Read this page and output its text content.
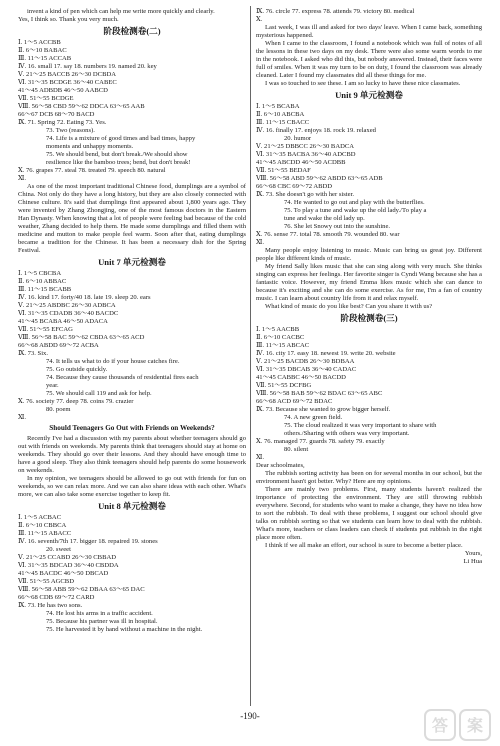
invent a kind of pen which can help me write more quickly and clearly.

Yes, I think so. Thank you very much.
阶段检测卷(二)
Ⅰ. 1～5 ACCBB
Ⅱ. 6～10 BABAC
Ⅲ. 11～15 ACCAB
Ⅳ. 16. small 17. say 18. numbers 19. named 20. key
Ⅴ. 21～25 BACCB 26～30 DCBDA
Ⅵ. 31～35 BCDGE 36～40 CABEC
41～45 ADBDB 46～50 AABCD
Ⅶ. 51～55 BCDGE
Ⅷ. 56～58 CBD 59～62 DDCA 63～65 AAB
66～67 DCB 68～70 BACD
Ⅸ. 71. Spring 72. Eating 73. Yes.
73. Two (reasons).
74. Life is a mixture of good times and bad times, happy
moments and unhappy moments.
75. We should bend, but don't break./We should show
resilience like the bamboo trees; bend, but don't break!
Ⅹ. 76. grapes 77. steal 78. treated 79. speech 80. natural
Ⅺ.

As one of the most important traditional Chinese food, dumplings are a symbol of China. Not only do they have a long history, but they are also closely connected with Chinese culture. It's said that dumplings first appeared about 1,800 years ago. They were invented by Zhang Zhongjing, one of the most famous doctors in the Eastern Han Dynasty. When knowing that a lot of people were feeling bad because of the cold weather, Zhang decided to help them. He made some dumplings and filled them with medicine and mutton to make people feel warm. Soon after that, eating dumplings became a tradition for the Chinese. It has been a necessary dish for the Spring Festival.

Unit 7 单元检测卷
Ⅰ. 1～5 CBCBA
Ⅱ. 6～10 ABBAC
Ⅲ. 11～15 BCABB
Ⅳ. 16. kind 17. forty/40 18. late 19. sleep 20. ears
Ⅴ. 21～25 ABDBC 26～30 ADBCA
Ⅵ. 31～35 CDADB 36～40 BACDC
41～45 BCABA 46～50 ADACA
Ⅶ. 51～55 EFCAG
Ⅷ. 56～58 BAC 59～62 CBDA 63～65 ACD
66～68 ABDD 69～72 ACBA
Ⅸ. 73. Six.
74. It tells us what to do if your house catches fire.
75. Go outside quickly.
74. Because they cause thousands of residential fires each
year.
75. We should call 119 and ask for help.
Ⅹ. 76. society 77. deep 78. coins 79. crazier
80. poem
Ⅺ.
Should Teenagers Go Out with Friends on Weekends?

Recently I've had a discussion with my parents about whether teenagers should go out with friends on weekends. My parents think that teenagers should stay at home on weekends. They should go over their lessons. And they should have enough time to have a good sleep. They also think teenagers should help parents do some housework on weekends.

In my opinion, we teenagers should be allowed to go out with friends for fun on weekends, so we can relax more. And we can also share ideas with each other. What's more, we can also take some exercise together to keep fit.

Unit 8 单元检测卷
Ⅰ. 1～5 ACBAC
Ⅱ. 6～10 CBBCA
Ⅲ. 11～15 ABACC
Ⅳ. 16. seventh/7th 17. bigger 18. repaired 19. stones
20. sweet
Ⅴ. 21～25 CCABD 26～30 CBBAD
Ⅵ. 31～35 BDCAD 36～40 CBDDA
41～45 BACDC 46～50 DBCAD
Ⅶ. 51～55 AGCBD
Ⅷ. 56～58 ABB 59～62 DBAA 63～65 DAC
66～68 CDB 69～72 CARD
Ⅸ. 73. He has two sons.
74. He lost his arms in a traffic accident.
75. Because his partner was ill in hospital.
75. He harvested it by hand without a machine in the night.
Ⅸ. 76. circle 77. express 78. attends 79. victory 80. medical
Ⅹ.

Last week, I was ill and asked for two days' leave. When I came back, something mysterious happened.

When I came to the classroom, I found a notebook which was full of notes of all the lessons in these two days on my desk. There were also some warm words to me in the notebook. I asked who did this, but nobody answered. Instead, their faces were full of smiles. When it was my turn to be on duty, I found the classroom was already cleaned. Later I found my classmates did all these things for me.

I was so touched to see these. I am so lucky to have these nice classmates.

Unit 9 单元检测卷
Ⅰ. 1～5 BCABA
Ⅱ. 6～10 ABCBA
Ⅲ. 11～15 CBACC
Ⅳ. 16. finally 17. enjoys 18. rock 19. relaxed
20. humor
Ⅴ. 21～25 DBBCC 26～30 BADCA
Ⅵ. 31～35 BACBA 36～40 ADCBD
41～45 ABCDD 46～50 ACDBB
Ⅶ. 51～55 BEDAF
Ⅷ. 56～58 ABD 59～62 ABDD 63～65 ADB
66～68 CBC 69～72 ABDD
Ⅸ. 73. She doesn't go with her sister.
74. He wanted to go out and play with the butterflies.
75. To play a tune and wake up the old lady./To play a
tune and wake the old lady up.
76. She let Snowy out into the sunshine.
Ⅹ. 76. sense 77. total 78. smooth 79. wounded 80. war
Ⅺ.

Many people enjoy listening to music. Music can bring us great joy. Different people like different kinds of music.

My friend Sally likes music that she can sing along with very much. She thinks singing can express her feelings. Her favorite singer is Cyndi Wang because she has a fantastic voice. However, my friend Emma likes music which she can dance to because it's exciting and she can do some exercise. As for me, I'm a fan of country music. I can learn about country life from it and relax myself.

What kind of music do you like best? Can you share it with us?

阶段检测卷(三)
Ⅰ. 1～5 AACBB
Ⅱ. 6～10 CACBC
Ⅲ. 11～15 ABCAC
Ⅳ. 16. city 17. easy 18. newest 19. write 20. website
Ⅴ. 21～25 BACDB 26～30 BDBAA
Ⅵ. 31～35 DBCAB 36～40 CADAC
41～45 CABBC 46～50 BACDD
Ⅶ. 51～55 DCFBG
Ⅷ. 56～58 BAB 59～62 BDAC 63～65 ABC
66～68 ACD 69～72 BDAC
Ⅸ. 73. Because she wanted to grow bigger herself.
74. A new green field.
75. The cloud realized it was very important to share with
others./Sharing with others was very important.
Ⅹ. 76. managed 77. guards 78. safety 79. exactly
80. silent
Ⅺ.
Dear schoolmates,

The rubbish sorting activity has been on for several months in our school, but the environment hasn't got better. Why? Here are my opinions.

There are mainly two problems. First, many students haven't realized the importance of protecting the environment. They are still throwing rubbish everywhere. Second, for students who want to make a change, they have no idea how to sort the rubbish. To deal with these problems, I suggest our school should give talks on rubbish sorting so that we students can learn how to deal with the rubbish. What's more, teachers or class leaders can check if students put rubbish in the right place more often.

I think if we all make an effort, our school is sure to become a better place.

Yours,
Li Hua
-190-	答 案
